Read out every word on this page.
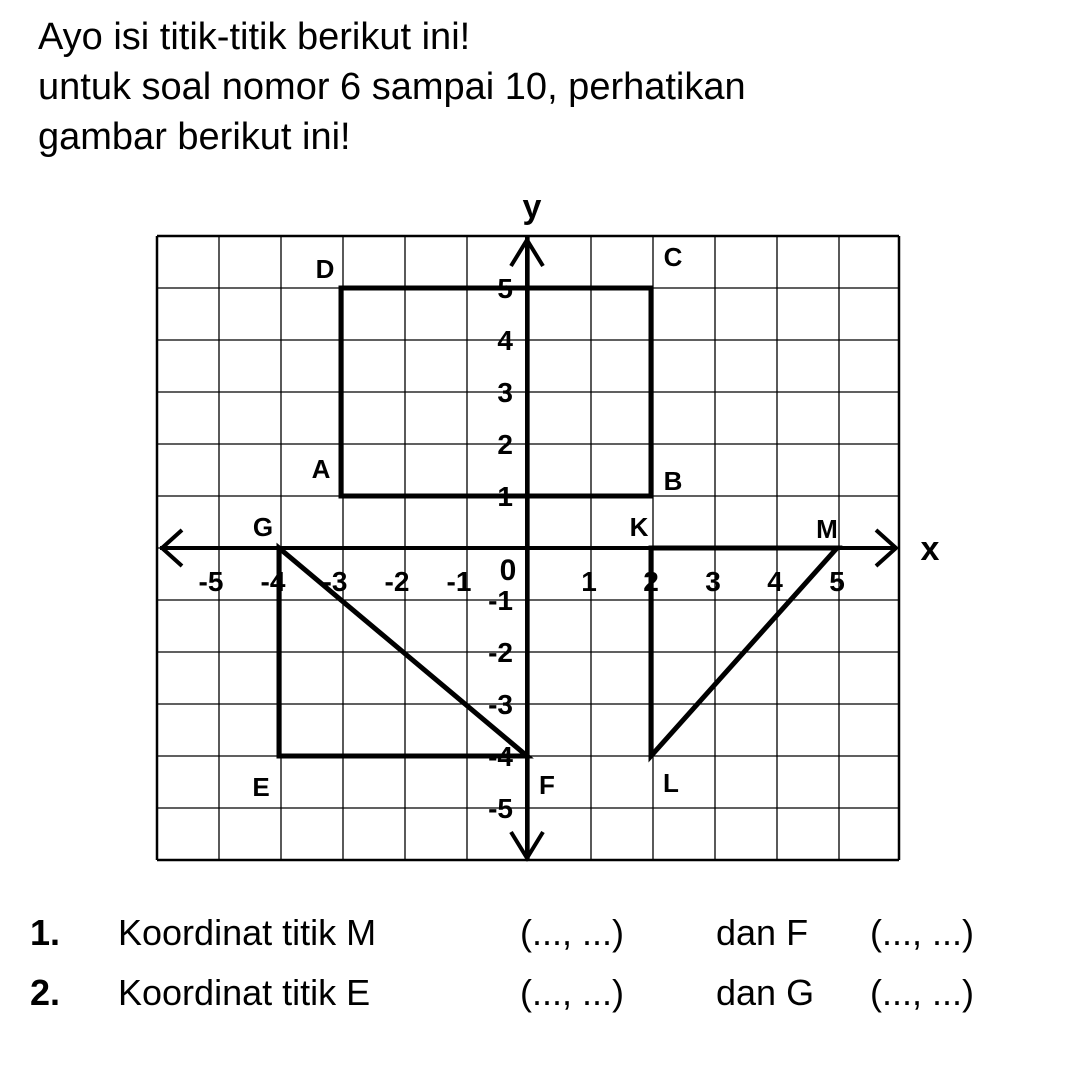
Ayo isi titik-titik berikut ini!
untuk soal nomor 6 sampai 10, perhatikan
gambar berikut ini!
x
y
0
-5 -4 -3 -2 -1	1 2 3 4 5
5
4
3
2
1
-1
-2
-3
-4
-5
A	B
C
D
E	F
G	K
L
M
1. Koordinat titik M	(..., ...)	dan F (..., ...)
2. Koordinat titik E	(..., ...)	dan G (..., ...)
